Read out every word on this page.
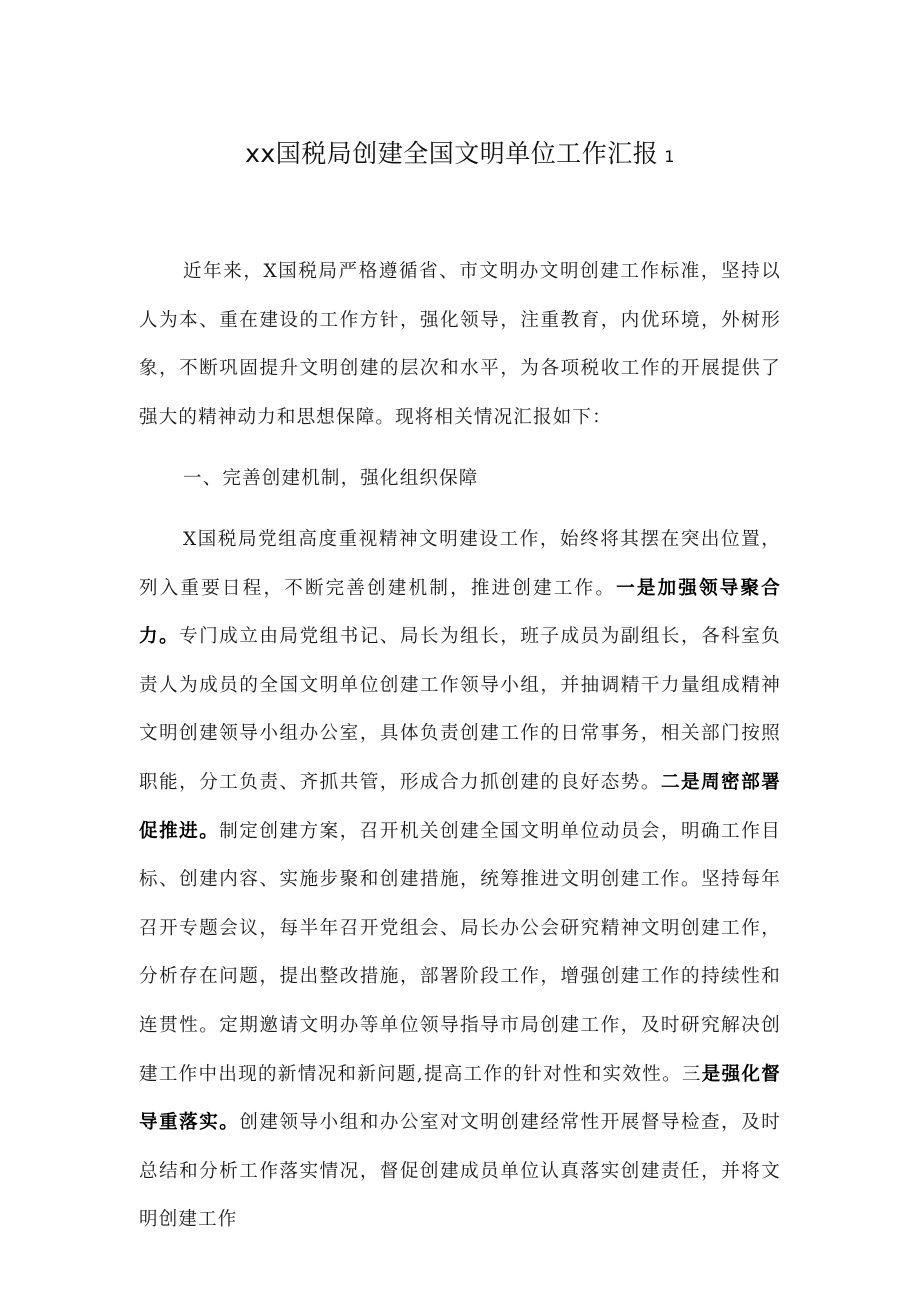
xx国税局创建全国文明单位工作汇报 1
近年来，X国税局严格遵循省、市文明办文明创建工作标准，坚持以人为本、重在建设的工作方针，强化领导，注重教育，内优环境，外树形象，不断巩固提升文明创建的层次和水平，为各项税收工作的开展提供了强大的精神动力和思想保障。现将相关情况汇报如下：
一、完善创建机制，强化组织保障
X国税局党组高度重视精神文明建设工作，始终将其摆在突出位置，列入重要日程，不断完善创建机制，推进创建工作。一是加强领导聚合力。专门成立由局党组书记、局长为组长，班子成员为副组长，各科室负责人为成员的全国文明单位创建工作领导小组，并抽调精干力量组成精神文明创建领导小组办公室，具体负责创建工作的日常事务，相关部门按照职能，分工负责、齐抓共管，形成合力抓创建的良好态势。二是周密部署促推进。制定创建方案，召开机关创建全国文明单位动员会，明确工作目标、创建内容、实施步聚和创建措施，统筹推进文明创建工作。坚持每年召开专题会议，每半年召开党组会、局长办公会研究精神文明创建工作，分析存在问题，提出整改措施，部署阶段工作，增强创建工作的持续性和连贯性。定期邀请文明办等单位领导指导市局创建工作，及时研究解决创建工作中出现的新情况和新问题,提高工作的针对性和实效性。三是强化督导重落实。创建领导小组和办公室对文明创建经常性开展督导检查，及时总结和分析工作落实情况，督促创建成员单位认真落实创建责任，并将文明创建工作
